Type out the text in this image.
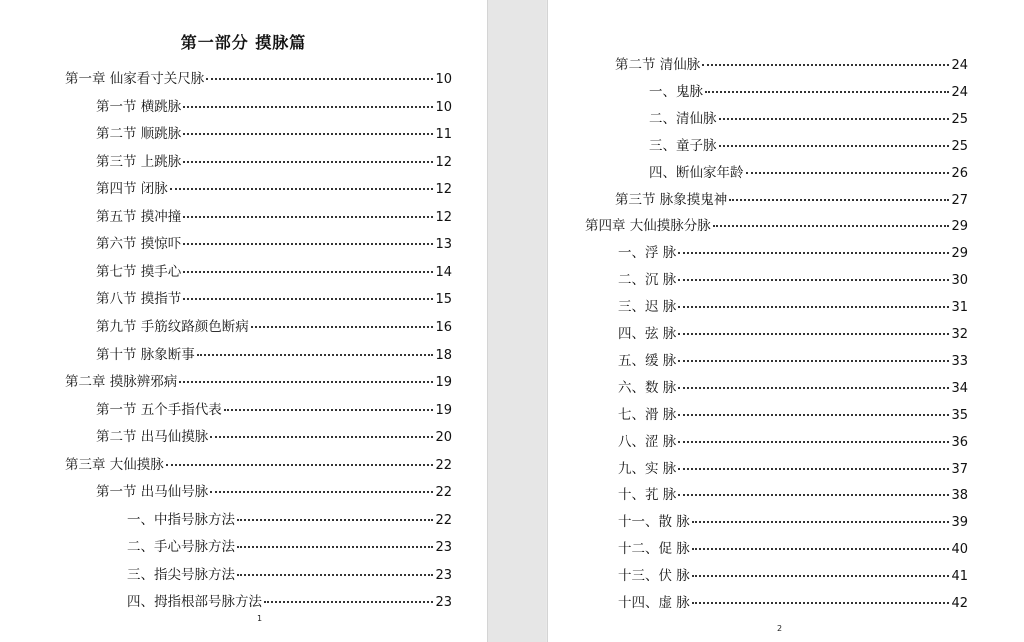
第一部分 摸脉篇
第一章 仙家看寸关尺脉	10
第一节 横跳脉	10
第二节 顺跳脉	11
第三节 上跳脉	12
第四节 闭脉	12
第五节 摸冲撞	12
第六节 摸惊吓	13
第七节 摸手心	14
第八节 摸指节	15
第九节 手筋纹路颜色断病	16
第十节 脉象断事	18
第二章 摸脉辨邪病	19
第一节 五个手指代表	19
第二节 出马仙摸脉	20
第三章 大仙摸脉	22
第一节 出马仙号脉	22
一、中指号脉方法	22
二、手心号脉方法	23
三、指尖号脉方法	23
四、拇指根部号脉方法	23
1
第二节 清仙脉	24
一、鬼脉	24
二、清仙脉	25
三、童子脉	25
四、断仙家年龄	26
第三节 脉象摸鬼神	27
第四章 大仙摸脉分脉	29
一、浮 脉	29
二、沉 脉	30
三、迟 脉	31
四、弦 脉	32
五、缓 脉	33
六、数 脉	34
七、滑 脉	35
八、涩 脉	36
九、实 脉	37
十、芤 脉	38
十一、散 脉	39
十二、促 脉	40
十三、伏 脉	41
十四、虚 脉	42
2
